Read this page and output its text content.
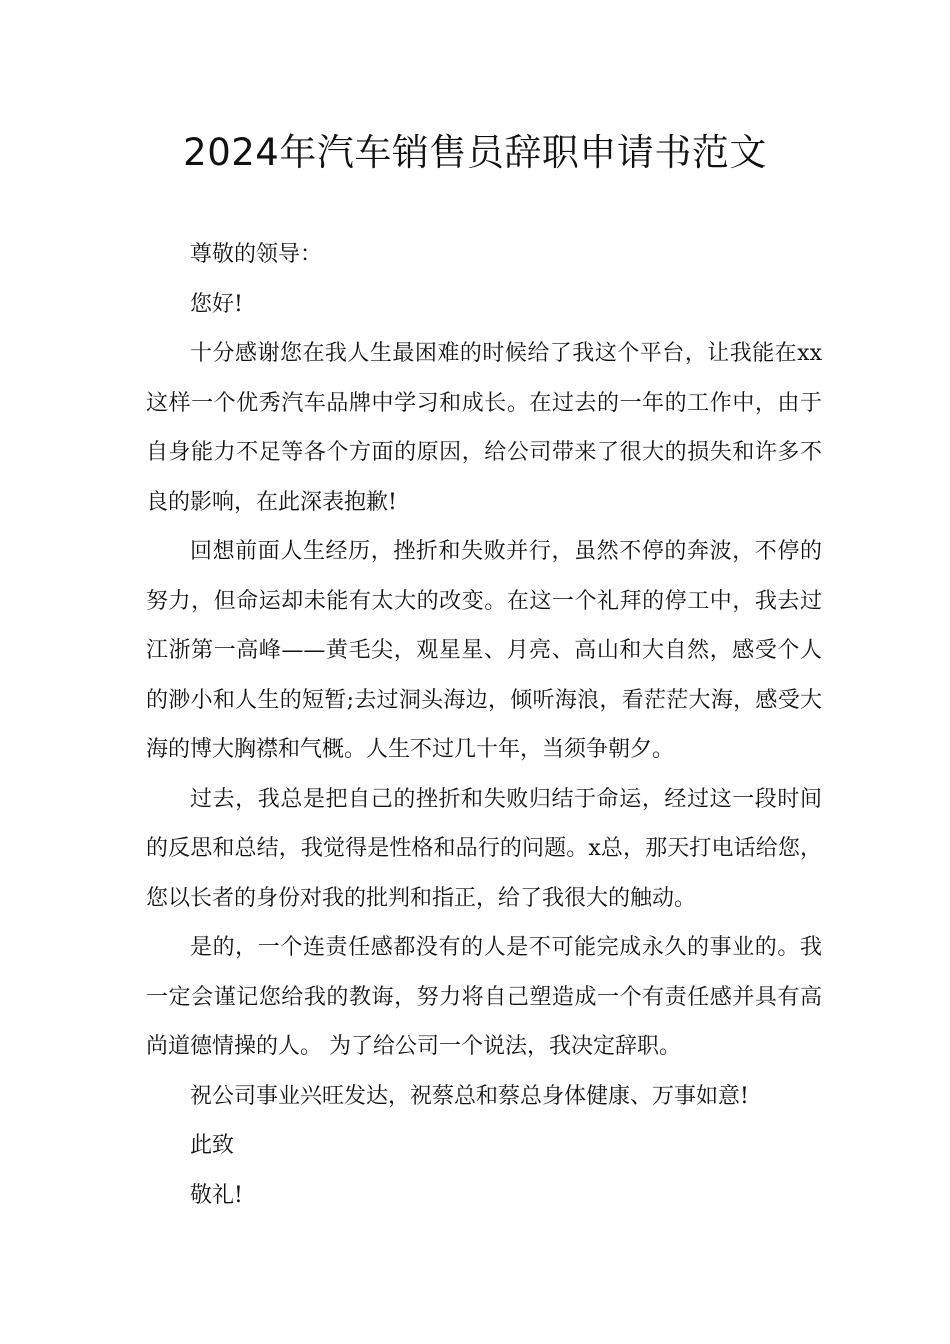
2024年汽车销售员辞职申请书范文

尊敬的领导：

您好!

十分感谢您在我人生最困难的时候给了我这个平台，让我能在xx这样一个优秀汽车品牌中学习和成长。在过去的一年的工作中，由于自身能力不足等各个方面的原因，给公司带来了很大的损失和许多不良的影响，在此深表抱歉!

回想前面人生经历，挫折和失败并行，虽然不停的奔波，不停的努力，但命运却未能有太大的改变。在这一个礼拜的停工中，我去过江浙第一高峰——黄毛尖，观星星、月亮、高山和大自然，感受个人的渺小和人生的短暂;去过洞头海边，倾听海浪，看茫茫大海，感受大海的博大胸襟和气概。人生不过几十年，当须争朝夕。

过去，我总是把自己的挫折和失败归结于命运，经过这一段时间的反思和总结，我觉得是性格和品行的问题。x总，那天打电话给您，您以长者的身份对我的批判和指正，给了我很大的触动。

是的，一个连责任感都没有的人是不可能完成永久的事业的。我一定会谨记您给我的教诲，努力将自己塑造成一个有责任感并具有高尚道德情操的人。 为了给公司一个说法，我决定辞职。

祝公司事业兴旺发达，祝蔡总和蔡总身体健康、万事如意!

此致

敬礼!
